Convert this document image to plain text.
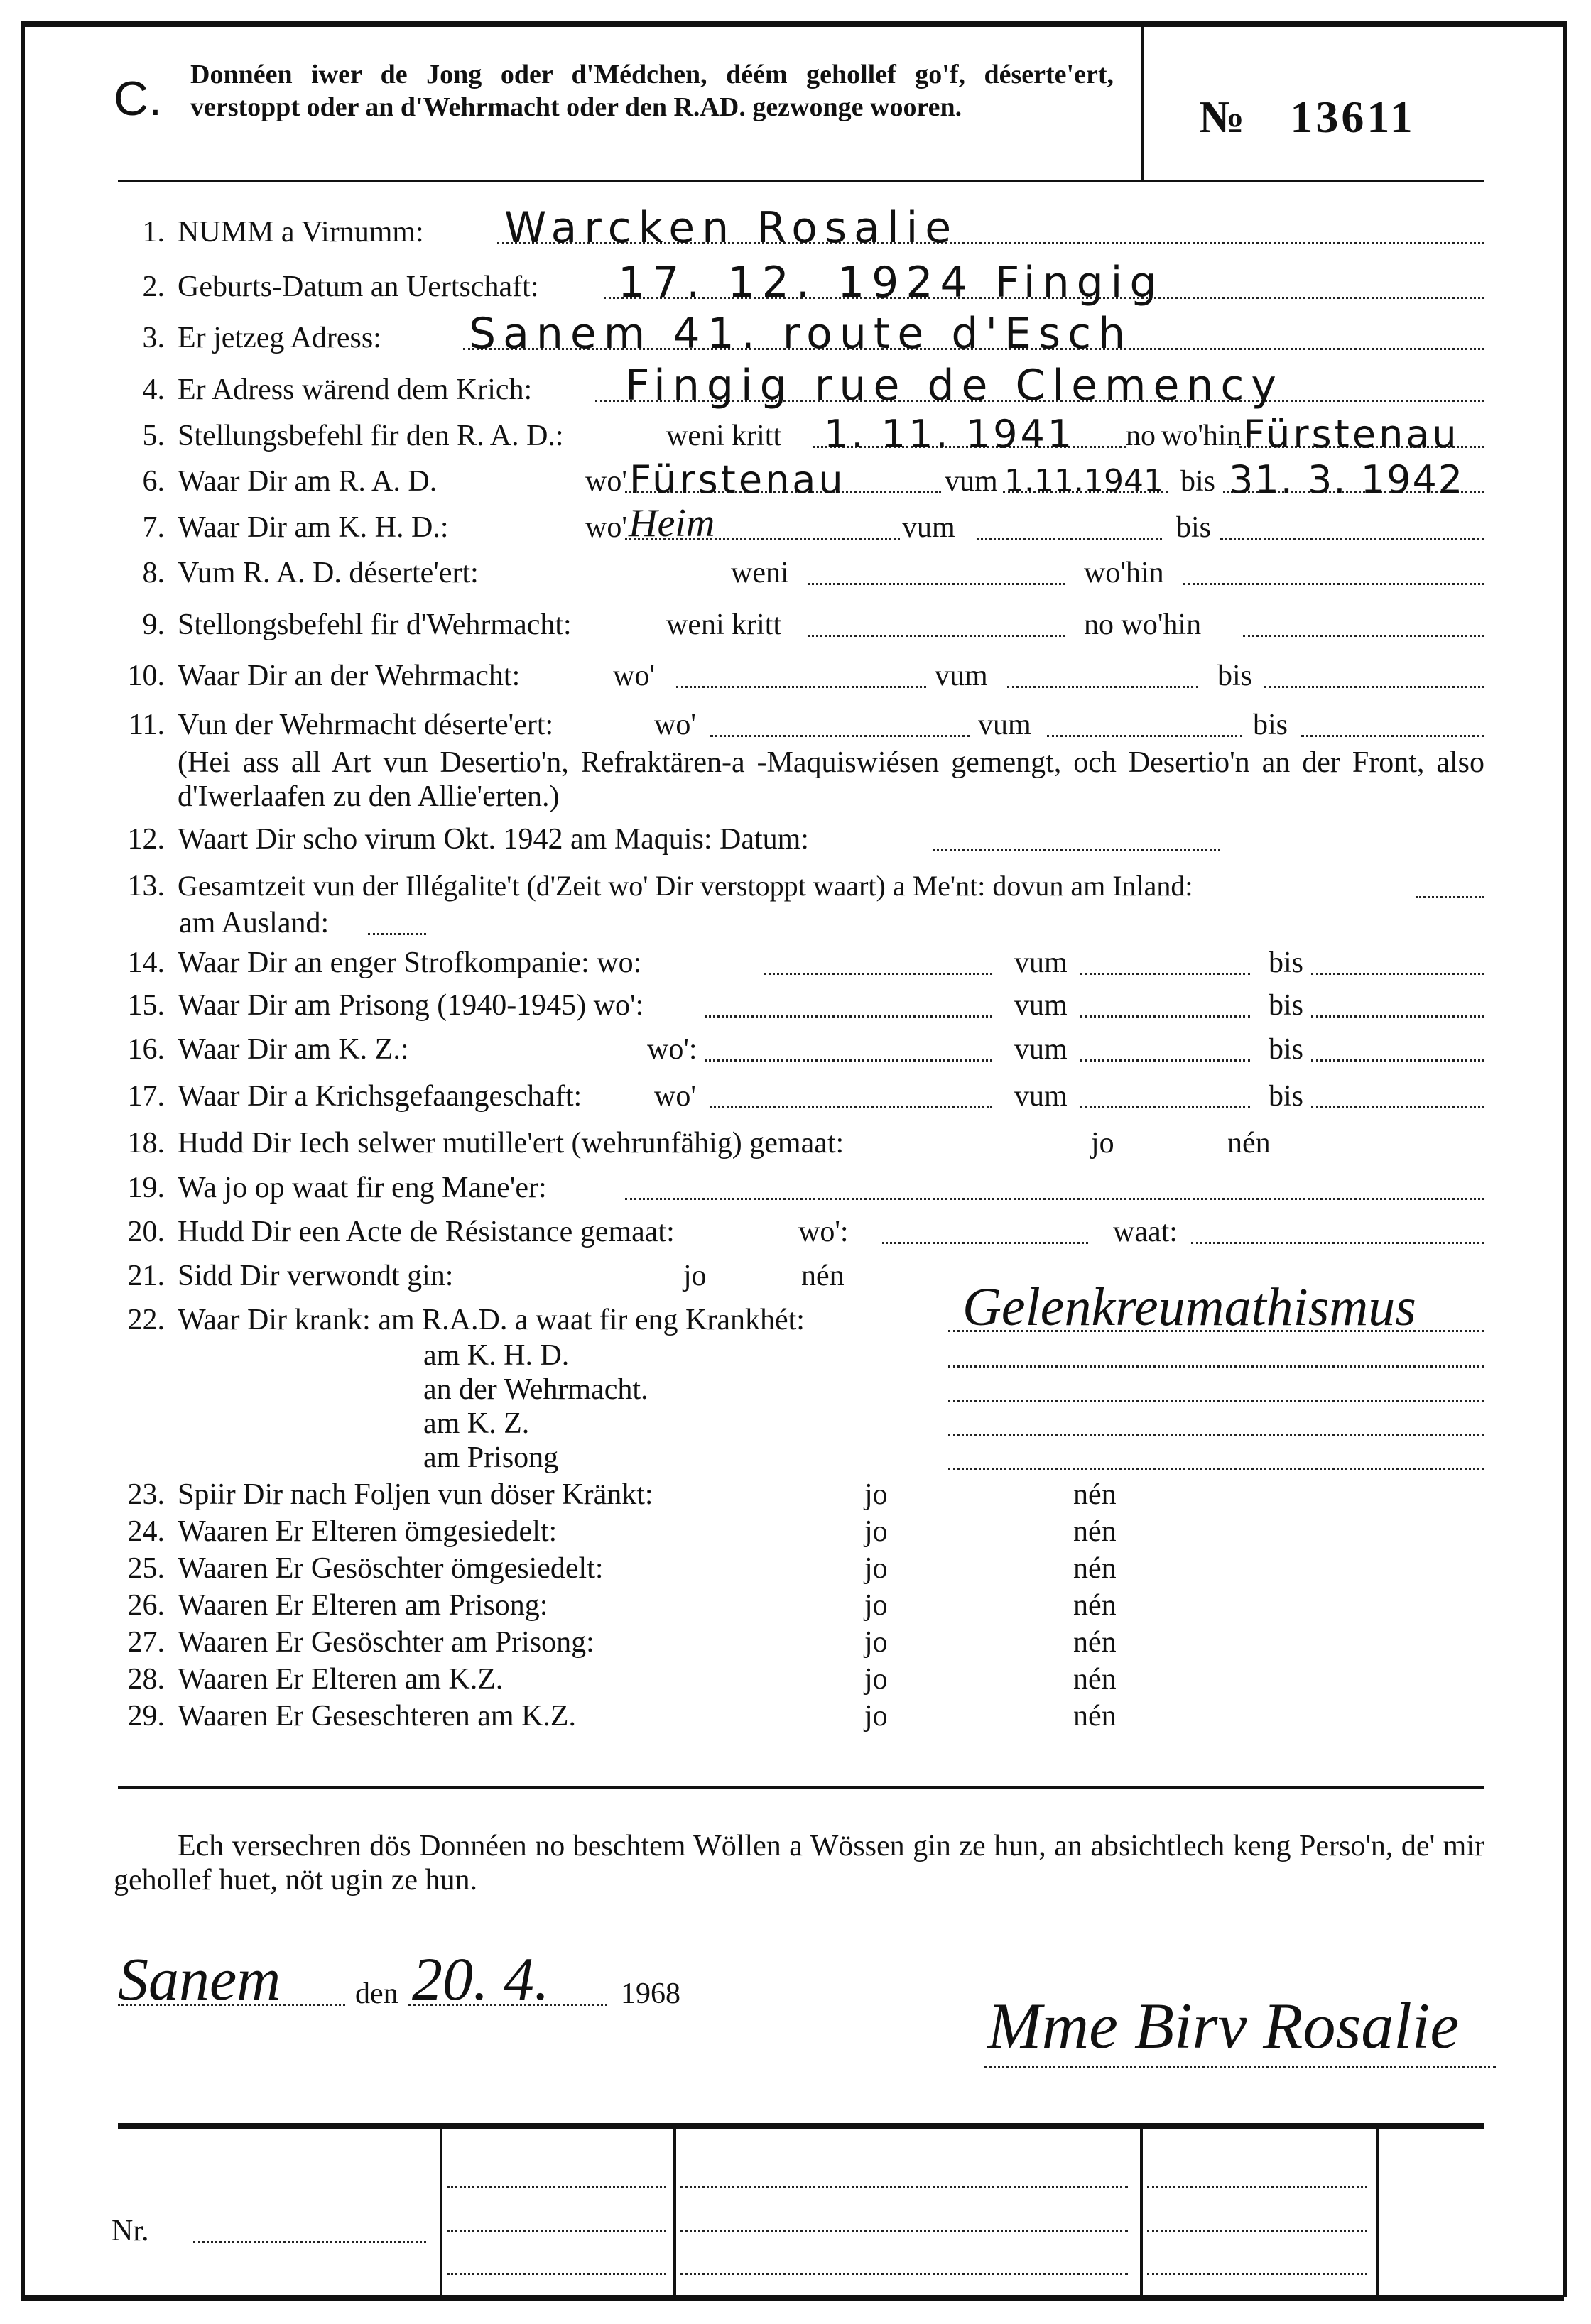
C. Donnéen iwer de Jong oder d'Médchen, déém gehollef go'f, déserte'ert, verstoppt oder an d'Wehrmacht oder den R.AD. gezwonge wooren.	№ 13611
1. NUMM a Virnumm: Warcken Rosalie
2. Geburts-Datum an Uertschaft: 17. 12. 1924 Fingig
3. Er jetzeg Adress: Sanem 41. route d'Esch
4. Er Adress wärend dem Krich: Fingig rue de Clemency
5. Stellungsbefehl fir den R. A. D.:	weni kritt 1. 11. 1941 no wo'hin Fürstenau
6. Waar Dir am R. A. D.	wo' Fürstenau	vum 1.11.1941 bis 31. 3. 1942
7. Waar Dir am K. H. D.:	wo' Heim	vum	bis
8. Vum R. A. D. déserte'ert:	weni	wo'hin
9. Stellongsbefehl fir d'Wehrmacht:	weni kritt	no wo'hin
10. Waar Dir an der Wehrmacht:	wo'	vum	bis
11. Vun der Wehrmacht déserte'ert:	wo'	vum	bis
(Hei ass all Art vun Desertio'n, Refraktären-a -Maquiswiésen gemengt, och Desertio'n an der Front, also d'Iwerlaafen zu den Allie'erten.)
12. Waart Dir scho virum Okt. 1942 am Maquis: Datum:
13. Gesamtzeit vun der Illégalite't (d'Zeit wo' Dir verstoppt waart) a Me'nt: dovun am Inland:
am Ausland:
14. Waar Dir an enger Strofkompanie: wo:	vum	bis
15. Waar Dir am Prisong (1940-1945) wo':	vum	bis
16. Waar Dir am K. Z.:	wo':	vum	bis
17. Waar Dir a Krichsgefaangeschaft: wo'	vum	bis
18. Hudd Dir Iech selwer mutille'ert (wehrunfähig) gemaat:	jo	nén
19. Wa jo op waat fir eng Mane'er:
20. Hudd Dir een Acte de Résistance gemaat:	wo':	waat:
21. Sidd Dir verwondt gin:	jo	nén
22. Waar Dir krank: am R.A.D. a waat fir eng Krankhét:	Gelenkreumathismus
am K. H. D.
an der Wehrmacht.
am K. Z.
am Prisong
23. Spiir Dir nach Foljen vun döser Kränkt:	jo	nén
24. Waaren Er Elteren ömgesiedelt:	jo	nén
25. Waaren Er Gesöschter ömgesiedelt:	jo	nén
26. Waaren Er Elteren am Prisong:	jo	nén
27. Waaren Er Gesöschter am Prisong:	jo	nén
28. Waaren Er Elteren am K.Z.	jo	nén
29. Waaren Er Geseschteren am K.Z.	jo	nén
Ech versechren dös Donnéen no beschtem Wöllen a Wössen gin ze hun, an absichtlech keng Perso'n, de' mir gehollef huet, nöt ugin ze hun.
Sanem den 20. 4. 1968	Mme Birv Rosalie
Nr.
